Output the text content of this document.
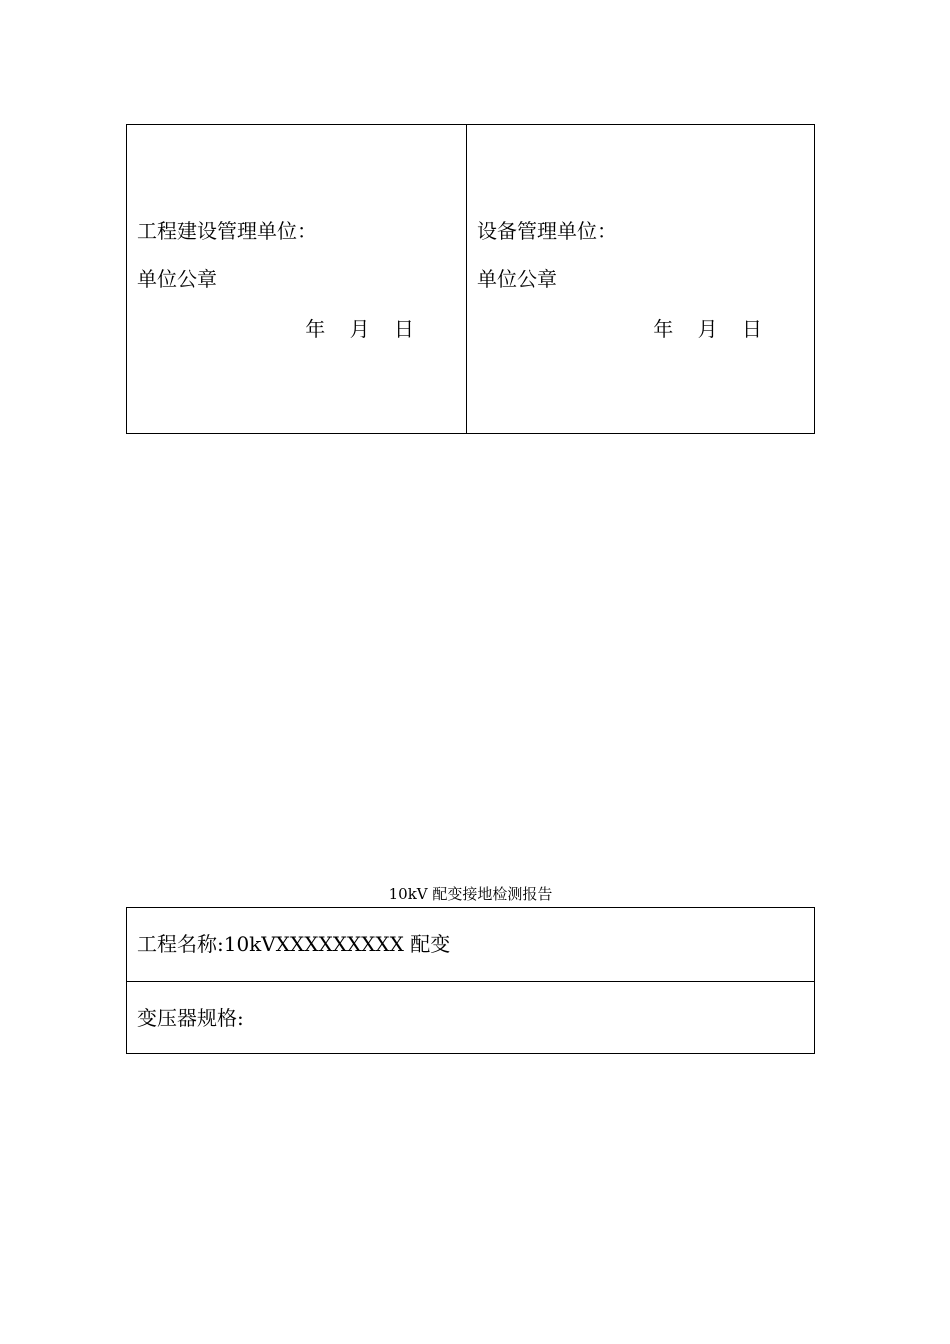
工程建设管理单位：
单位公章
年 月 日
设备管理单位：
单位公章
年 月 日
10kV 配变接地检测报告
工程名称:10kVXXXXXXXXX 配变
变压器规格:
